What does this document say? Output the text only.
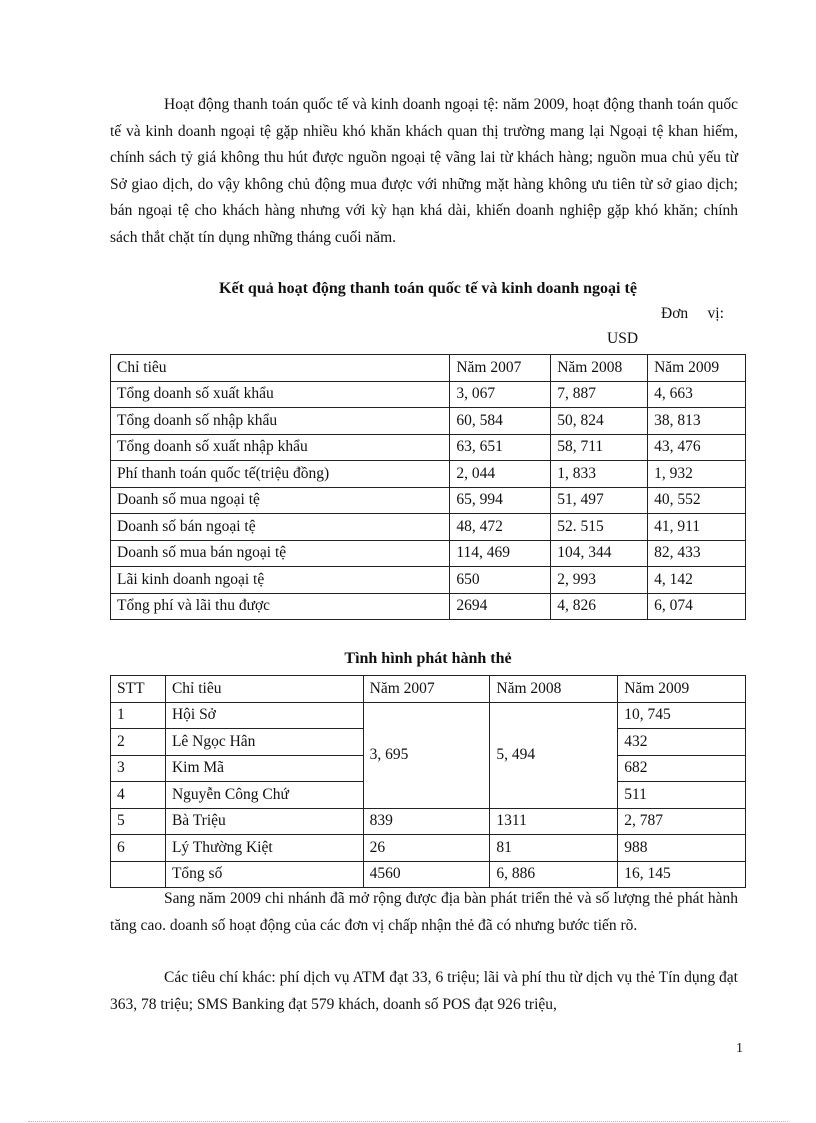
Hoạt động thanh toán quốc tế và kinh doanh ngoại tệ: năm 2009, hoạt động thanh toán quốc tế và kinh doanh ngoại tệ gặp nhiều khó khăn khách quan thị trường mang lại Ngoại tệ khan hiếm, chính sách tỷ giá không thu hút được nguồn ngoại tệ vãng lai từ khách hàng; nguồn mua chủ yếu từ Sở giao dịch, do vậy không chủ động mua được với những mặt hàng không ưu tiên từ sở giao dịch; bán ngoại tệ cho khách hàng nhưng với kỳ hạn khá dài, khiến doanh nghiệp gặp khó khăn; chính sách thắt chặt tín dụng những tháng cuối năm.

Kết quả hoạt động thanh toán quốc tế và kinh doanh ngoại tệ

Đơn     vị:
USD
Chỉ tiêu	Năm 2007	Năm 2008	Năm 2009
Tổng doanh số xuất khẩu	3, 067	7, 887	4, 663
Tổng doanh số nhập khẩu	60, 584	50, 824	38, 813
Tổng doanh số xuất nhập khẩu	63, 651	58, 711	43, 476
Phí thanh toán quốc tế(triệu đồng)	2, 044	1, 833	1, 932
Doanh số mua ngoại tệ	65, 994	51, 497	40, 552
Doanh số bán ngoại tệ	48, 472	52. 515	41, 911
Doanh số mua bán ngoại tệ	114, 469	104, 344	82, 433
Lãi kinh doanh ngoại tệ	650	2, 993	4, 142
Tổng phí và lãi thu được	2694	4, 826	6, 074

Tình hình phát hành thẻ

STT	Chỉ tiêu	Năm 2007	Năm 2008	Năm 2009
1	Hội Sở	3, 695	5, 494	10, 745
2	Lê Ngọc Hân			432
3	Kim Mã			682
4	Nguyễn Công Chứ			511
5	Bà Triệu	839	1311	2, 787
6	Lý Thường Kiệt	26	81	988
	Tổng số	4560	6, 886	16, 145

Sang năm 2009 chi nhánh đã mở rộng được địa bàn phát triển thẻ và số lượng thẻ phát hành tăng cao. doanh số hoạt động của các đơn vị chấp nhận thẻ đã có nhưng bước tiến rõ.

Các tiêu chí khác: phí dịch vụ ATM đạt 33, 6 triệu; lãi và phí thu từ dịch vụ thẻ Tín dụng đạt 363, 78 triệu; SMS Banking đạt 579 khách, doanh số POS đạt 926 triệu,

1
